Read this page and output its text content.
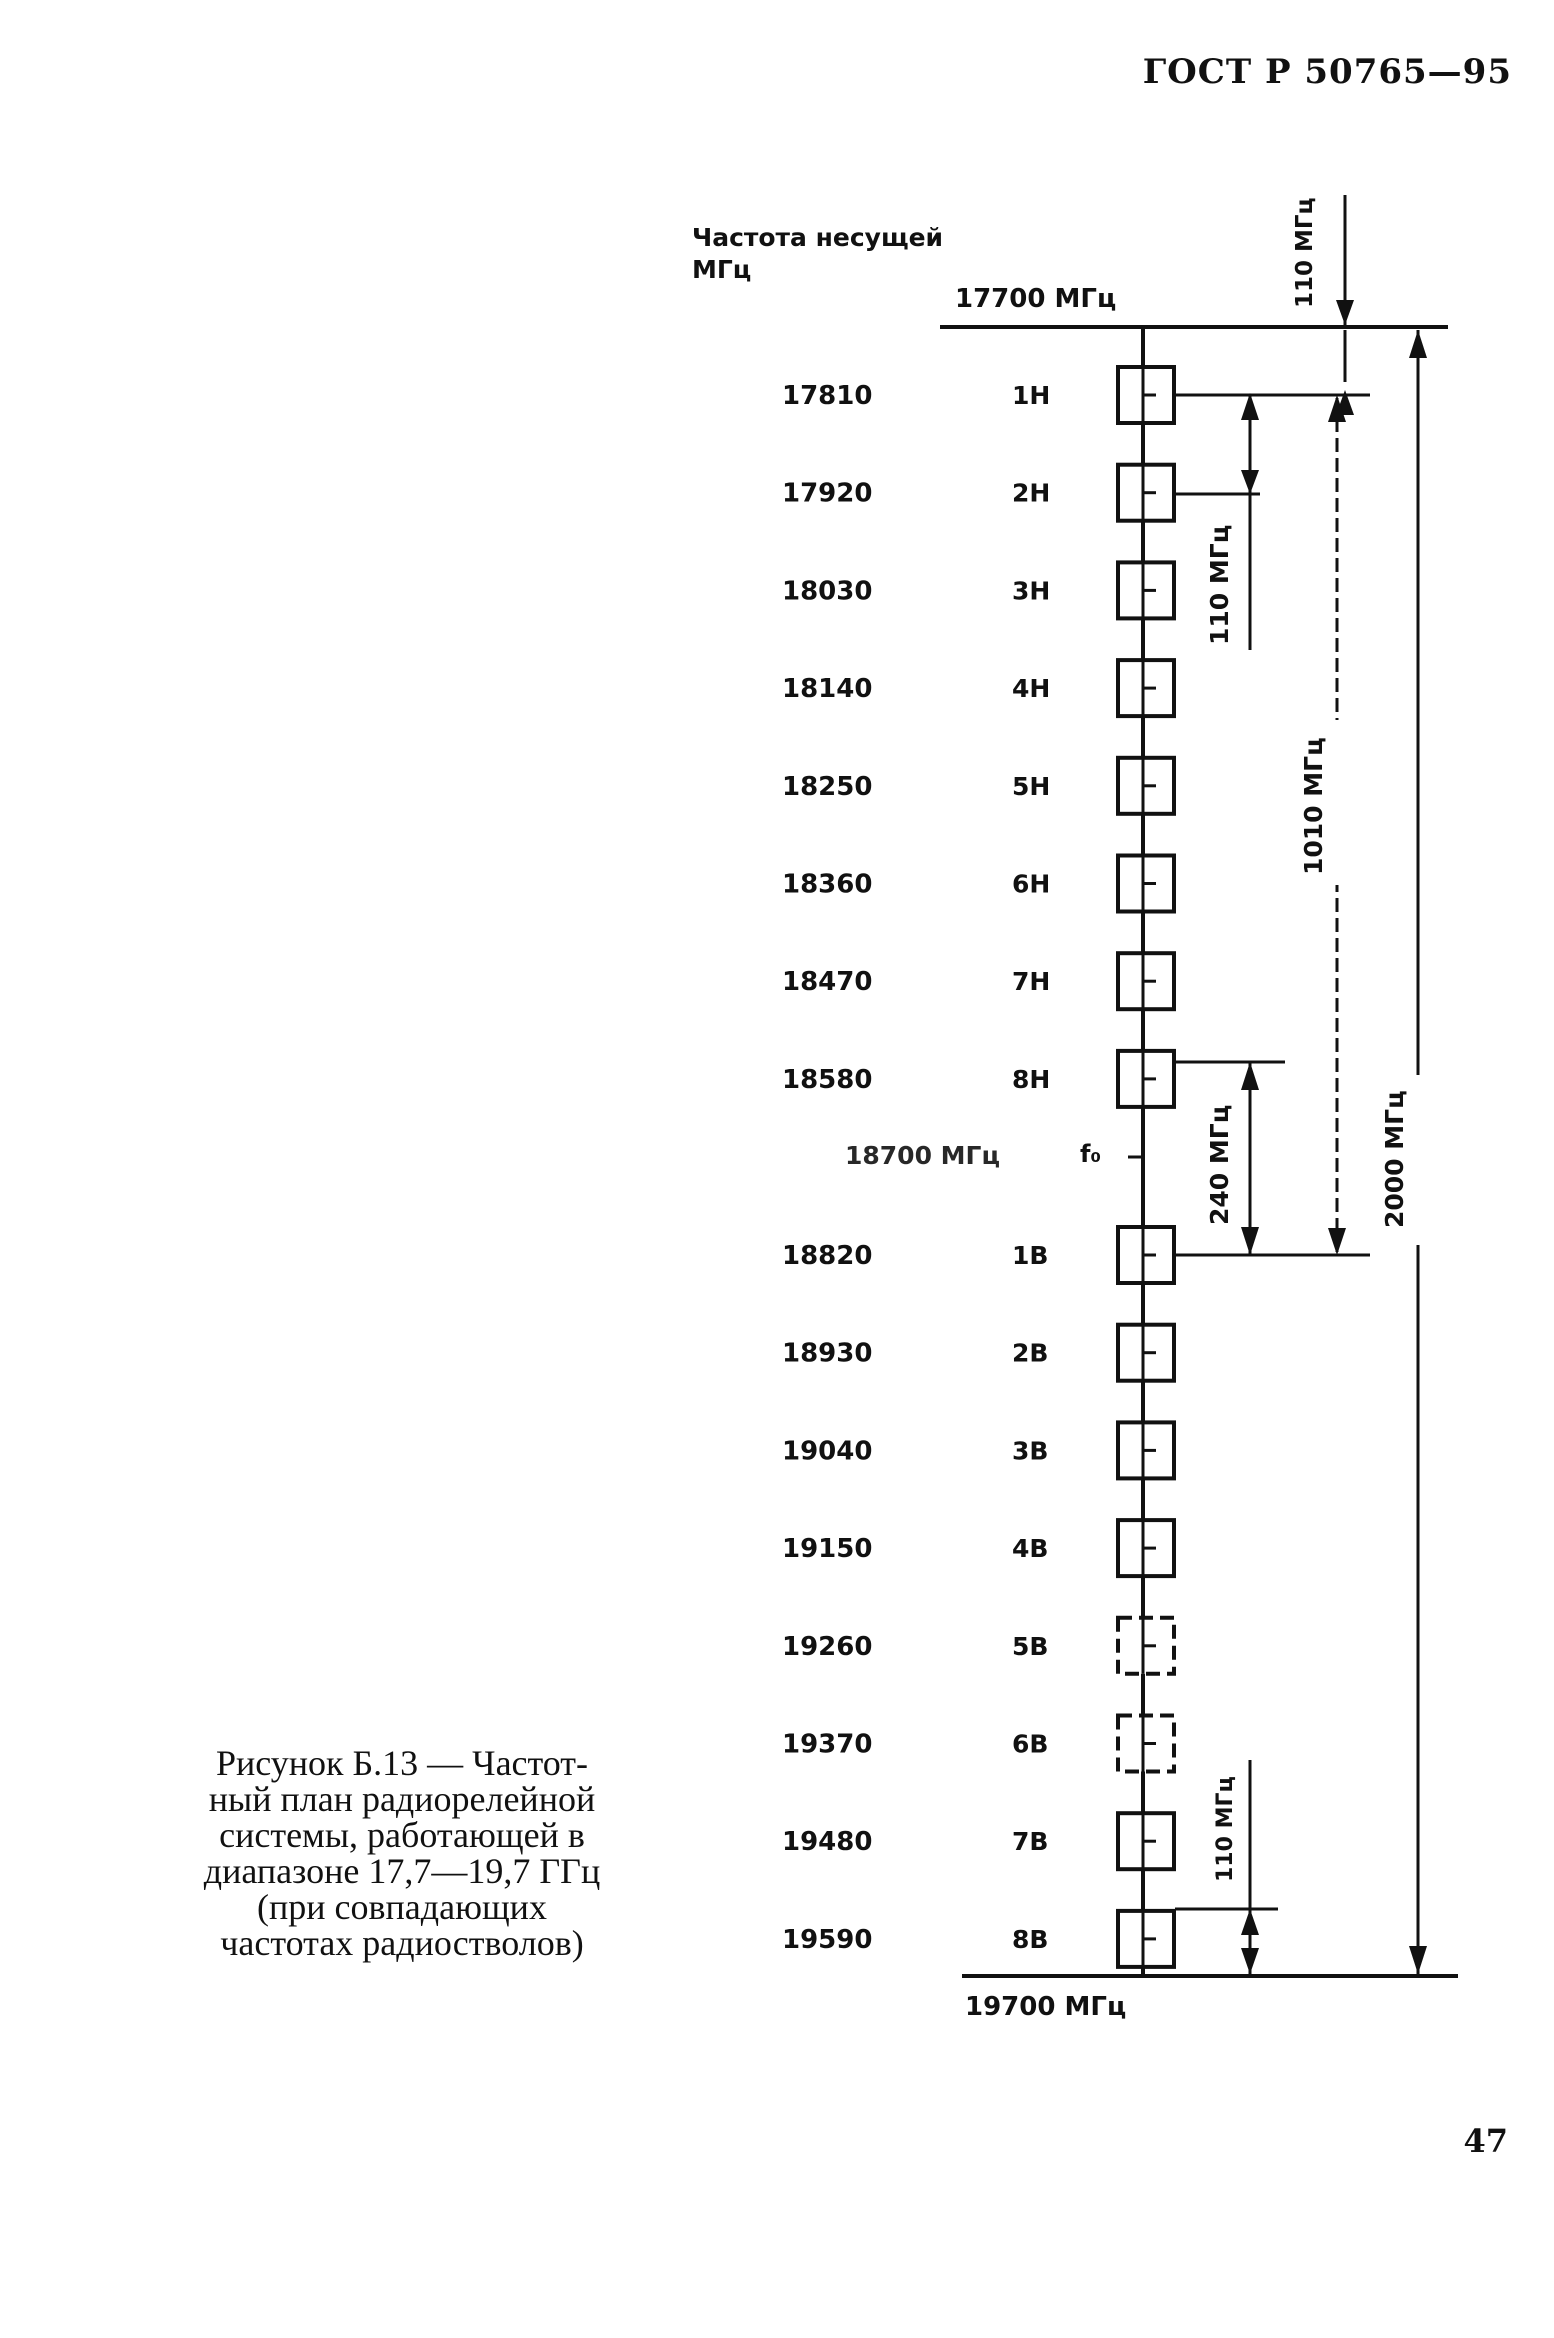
ГОСТ Р 50765—95
Частота несущей
МГц
17700 МГц
19700 МГц
17810	1Н
17920	2Н
18030	3Н
18140	4Н
18250	5Н
18360	6Н
18470	7Н
18580	8Н
18820	1В
18930	2В
19040	3В
19150	4В
19260	5В
19370	6В
19480	7В
19590	8В
18700 МГц	f₀
110 МГц
110 МГц
1010 МГц
240 МГц	2000 МГц
110 МГц
Рисунок Б.13 — Частот-
ный план радиорелейной
системы, работающей в
диапазоне 17,7—19,7 ГГц
(при совпадающих
частотах радиостволов)
47
